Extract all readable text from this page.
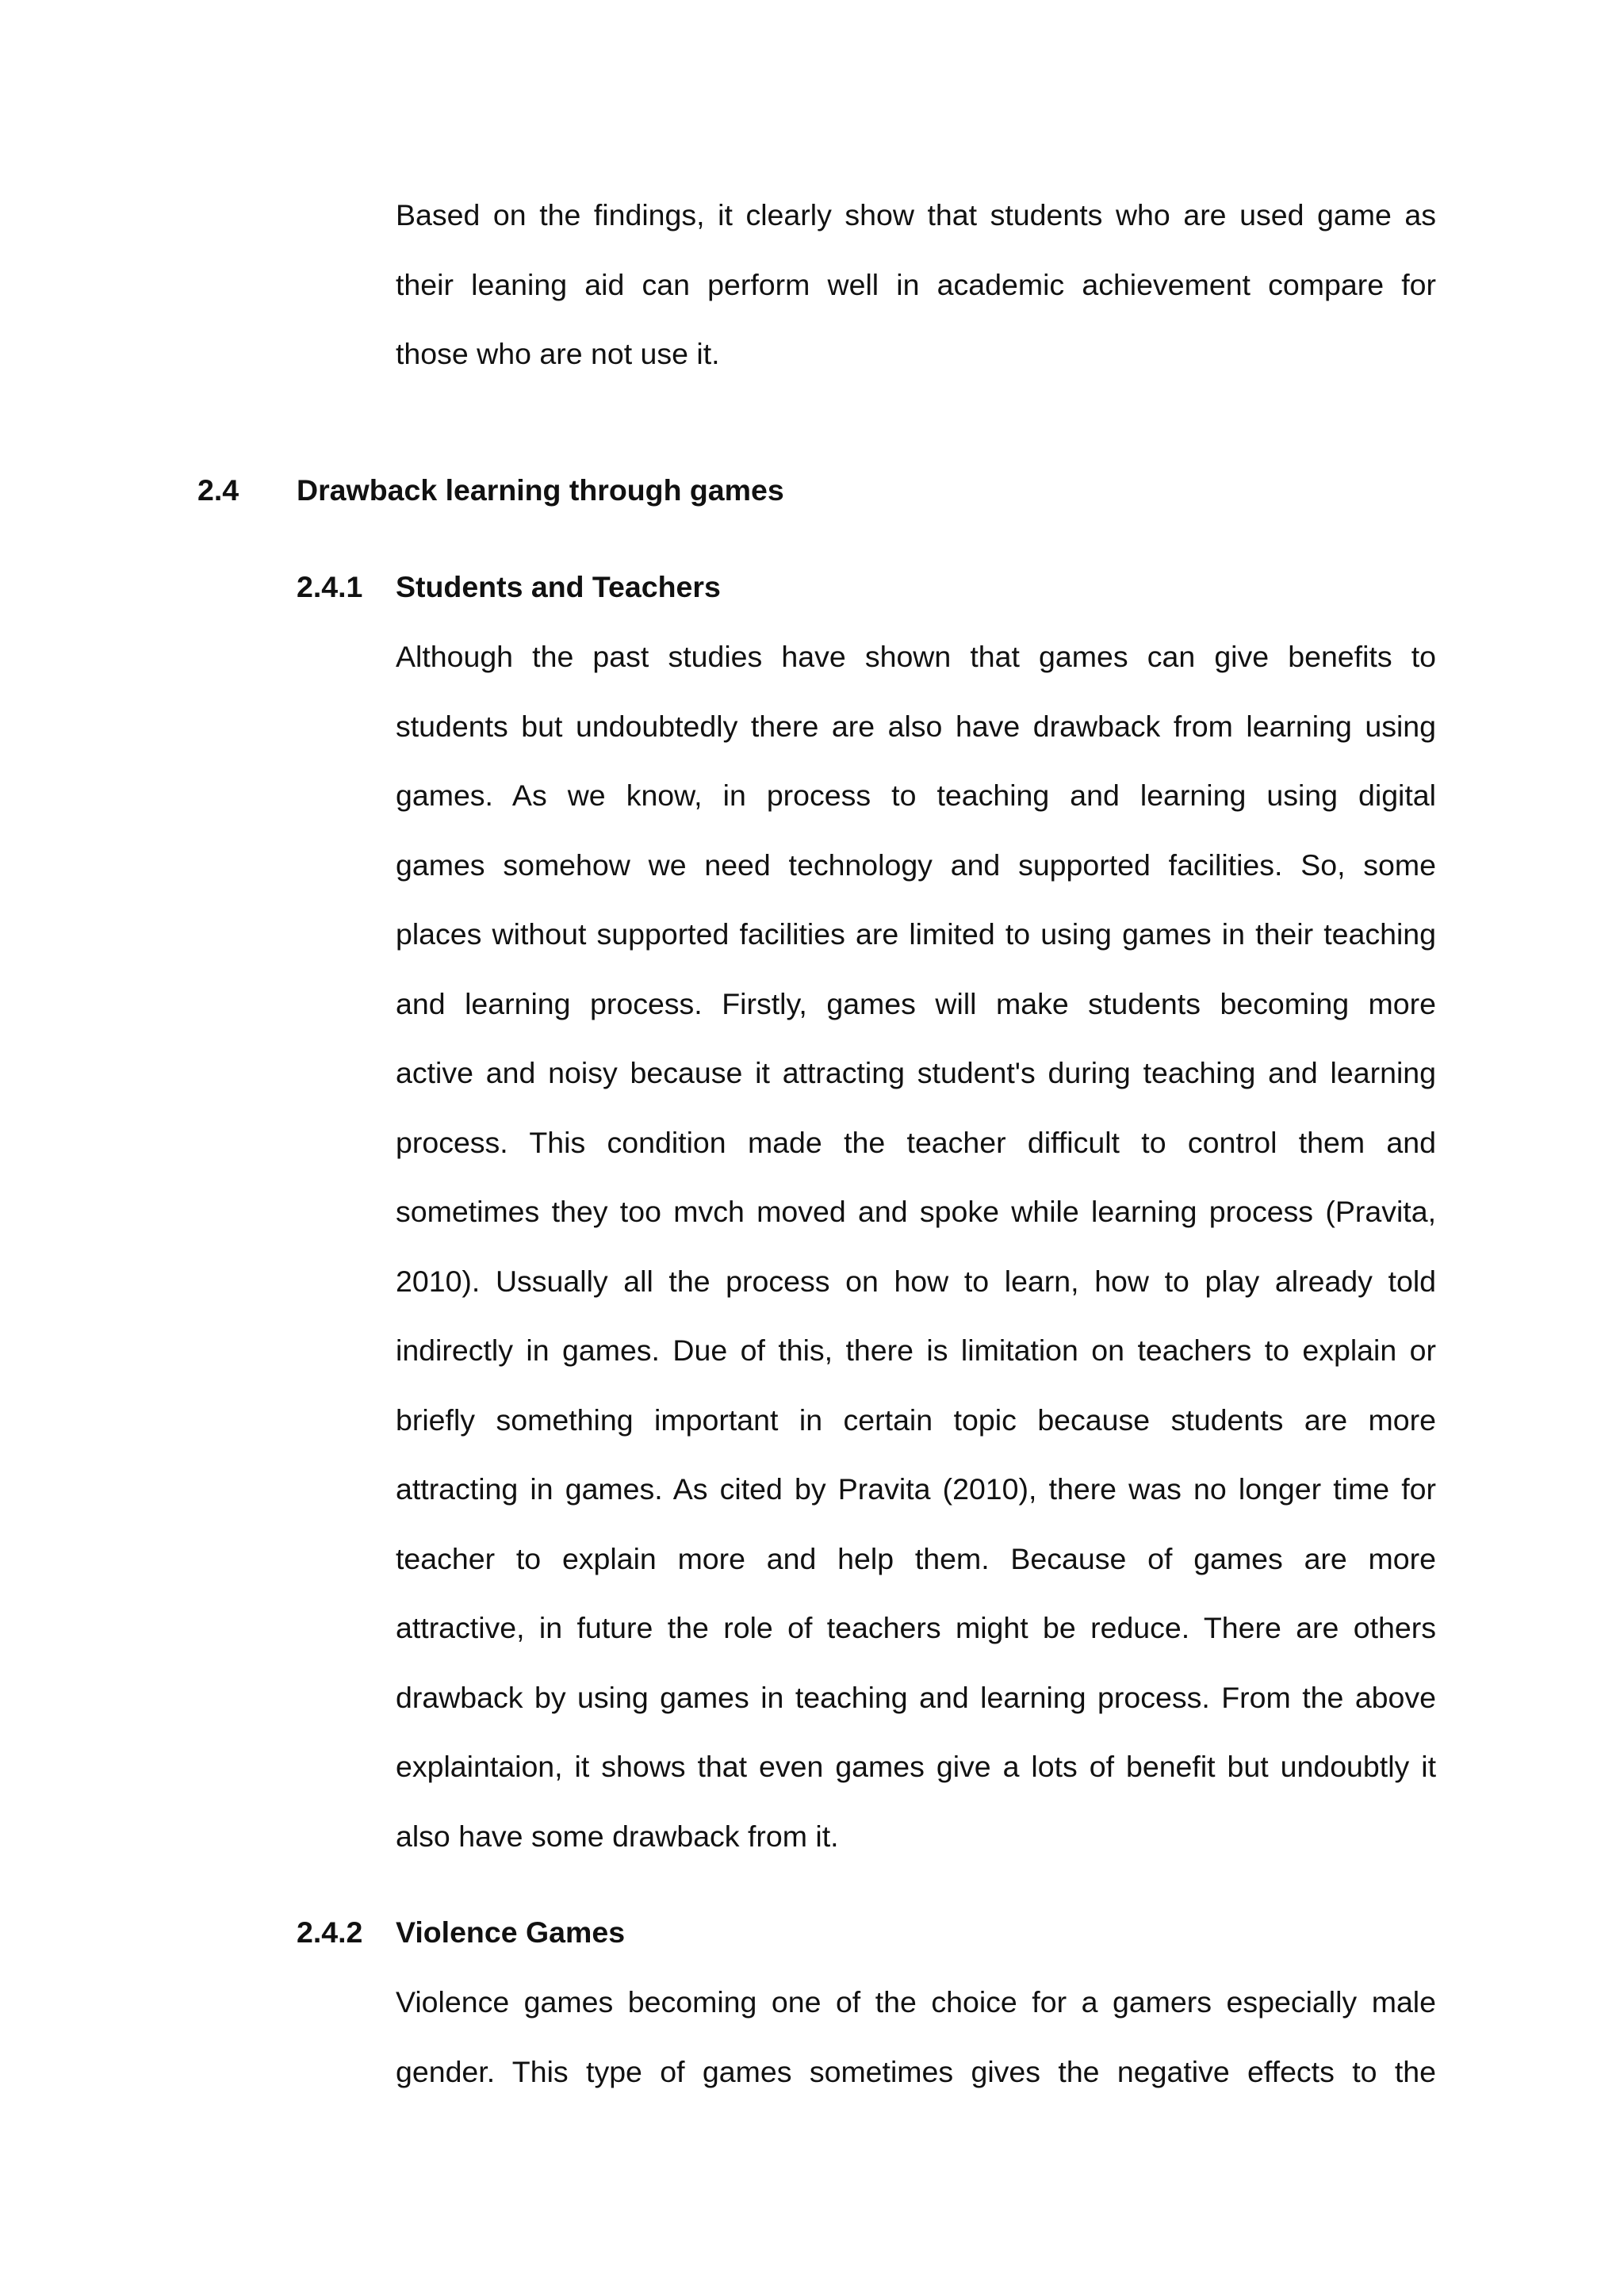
Based on the findings, it clearly show that students who are used game as
their leaning aid can perform well in academic achievement compare for
those who are not use it.
2.4 Drawback learning through games
2.4.1 Students and Teachers
Although the past studies have shown that games can give benefits to
students but undoubtedly there are also have drawback from learning using
games. As we know, in process to teaching and learning using digital
games somehow we need technology and supported facilities. So, some
places without supported facilities are limited to using games in their teaching
and learning process. Firstly, games will make students becoming more
active and noisy because it attracting student's during teaching and learning
process. This condition made the teacher difficult to control them and
sometimes they too mvch moved and spoke while learning process (Pravita,
2010). Ussually all the process on how to learn, how to play already told
indirectly in games. Due of this, there is limitation on teachers to explain or
briefly something important in certain topic because students are more
attracting in games. As cited by Pravita (2010), there was no longer time for
teacher to explain more and help them. Because of games are more
attractive, in future the role of teachers might be reduce. There are others
drawback by using games in teaching and learning process. From the above
explaintaion, it shows that even games give a lots of benefit but undoubtly it
also have some drawback from it.
2.4.2 Violence Games
Violence games becoming one of the choice for a gamers especially male
gender. This type of games sometimes gives the negative effects to the
